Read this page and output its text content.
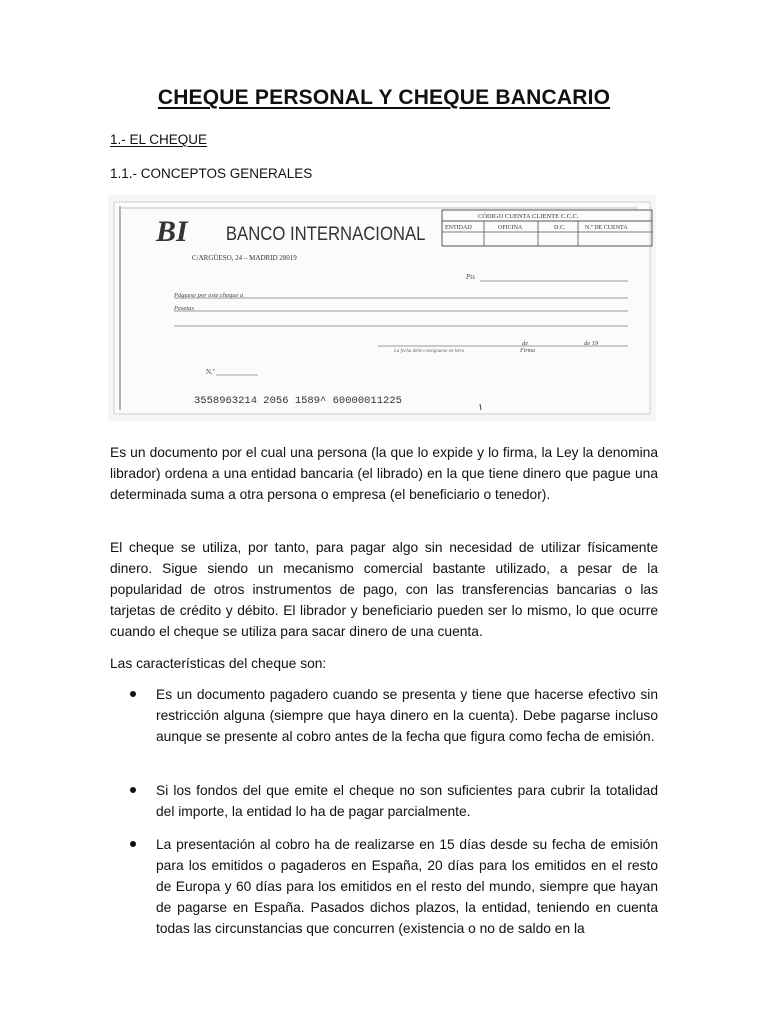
CHEQUE PERSONAL Y CHEQUE BANCARIO
1.- EL CHEQUE
1.1.- CONCEPTOS GENERALES
BI BANCO INTERNACIONAL
C/ARGÜESO, 24 – MADRID 28019
CÓDIGO CUENTA CLIENTE C.C.C.
ENTIDAD	OFICINA	D.C.	N.º DE CUENTA
Pts
Páguese por este cheque a
Pesetas
de	de 19
La fecha debe consignarse en letra	Firma
N.º
3558963214 2056 1589^ 60000011225

Es un documento por el cual una persona (la que lo expide y lo firma, la Ley la denomina librador) ordena a una entidad bancaria (el librado) en la que tiene dinero que pague una determinada suma a otra persona o empresa (el beneficiario o tenedor).

El cheque se utiliza, por tanto, para pagar algo sin necesidad de utilizar físicamente dinero. Sigue siendo un mecanismo comercial bastante utilizado, a pesar de la popularidad de otros instrumentos de pago, con las transferencias bancarias o las tarjetas de crédito y débito. El librador y beneficiario pueden ser lo mismo, lo que ocurre cuando el cheque se utiliza para sacar dinero de una cuenta.

Las características del cheque son:

Es un documento pagadero cuando se presenta y tiene que hacerse efectivo sin restricción alguna (siempre que haya dinero en la cuenta). Debe pagarse incluso aunque se presente al cobro antes de la fecha que figura como fecha de emisión.
Si los fondos del que emite el cheque no son suficientes para cubrir la totalidad del importe, la entidad lo ha de pagar parcialmente.
La presentación al cobro ha de realizarse en 15 días desde su fecha de emisión para los emitidos o pagaderos en España, 20 días para los emitidos en el resto de Europa y 60 días para los emitidos en el resto del mundo, siempre que hayan de pagarse en España. Pasados dichos plazos, la entidad, teniendo en cuenta todas las circunstancias que concurren (existencia o no de saldo en la
